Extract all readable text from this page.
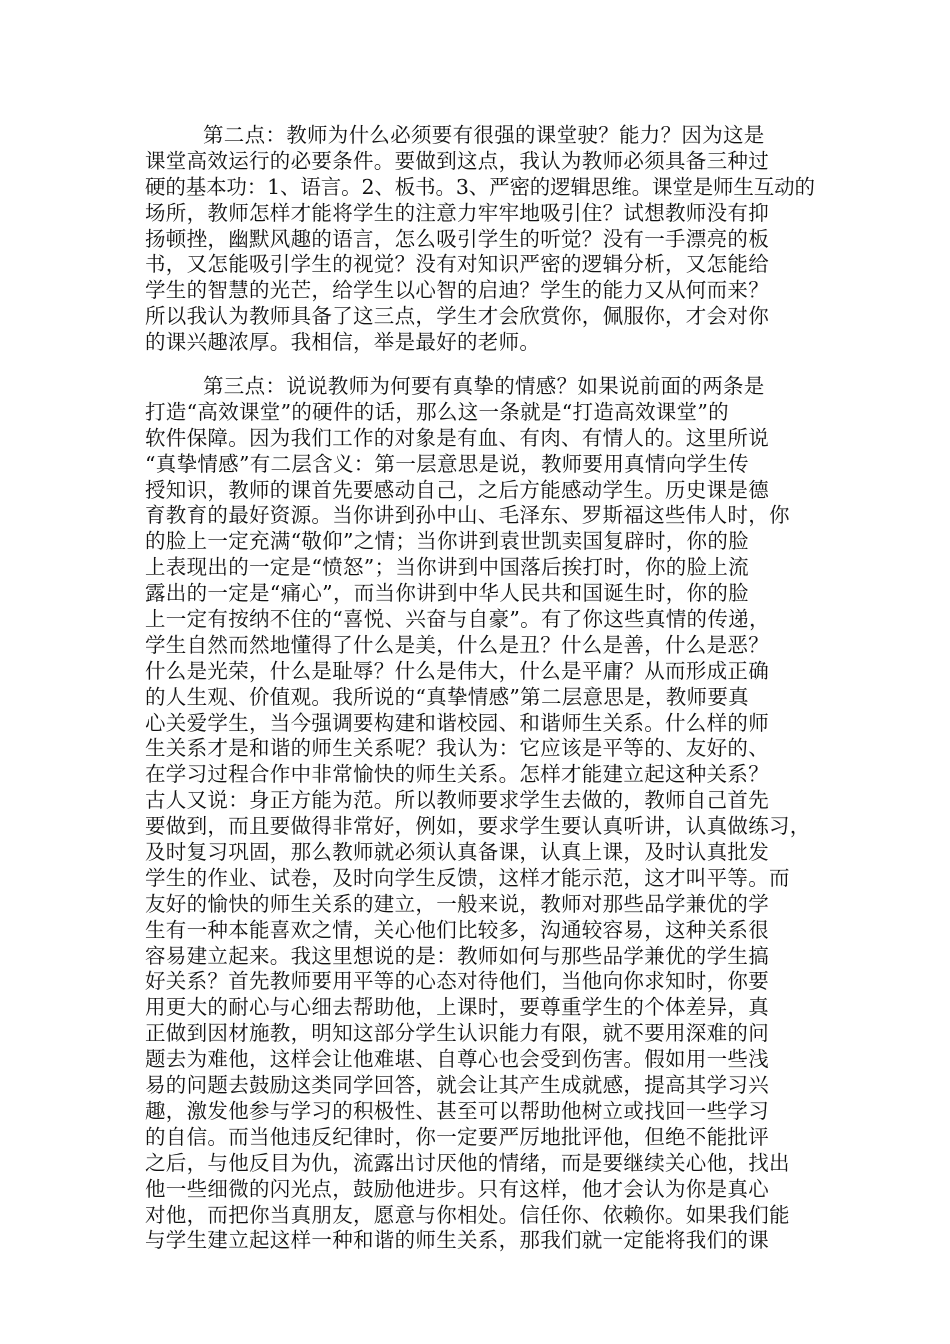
第二点：教师为什么必须要有很强的课堂驶？能力？因为这是
课堂高效运行的必要条件。要做到这点，我认为教师必须具备三种过
硬的基本功：1、语言。2、板书。3、严密的逻辑思维。课堂是师生互动的
场所，教师怎样才能将学生的注意力牢牢地吸引住？试想教师没有抑
扬顿挫，幽默风趣的语言，怎么吸引学生的听觉？没有一手漂亮的板
书，又怎能吸引学生的视觉？没有对知识严密的逻辑分析，又怎能给
学生的智慧的光芒，给学生以心智的启迪？学生的能力又从何而来？
所以我认为教师具备了这三点，学生才会欣赏你，佩服你，才会对你
的课兴趣浓厚。我相信，举是最好的老师。
第三点：说说教师为何要有真挚的情感？如果说前面的两条是
打造“高效课堂”的硬件的话，那么这一条就是“打造高效课堂”的
软件保障。因为我们工作的对象是有血、有肉、有情人的。这里所说
“真挚情感”有二层含义：第一层意思是说，教师要用真情向学生传
授知识，教师的课首先要感动自己，之后方能感动学生。历史课是德
育教育的最好资源。当你讲到孙中山、毛泽东、罗斯福这些伟人时，你
的脸上一定充满“敬仰”之情；当你讲到袁世凯卖国复辟时，你的脸
上表现出的一定是“愤怒”；当你讲到中国落后挨打时，你的脸上流
露出的一定是“痛心”，而当你讲到中华人民共和国诞生时，你的脸
上一定有按纳不住的“喜悦、兴奋与自豪”。有了你这些真情的传递，
学生自然而然地懂得了什么是美，什么是丑？什么是善，什么是恶？
什么是光荣，什么是耻辱？什么是伟大，什么是平庸？从而形成正确
的人生观、价值观。我所说的“真挚情感”第二层意思是，教师要真
心关爱学生，当今强调要构建和谐校园、和谐师生关系。什么样的师
生关系才是和谐的师生关系呢？我认为：它应该是平等的、友好的、
在学习过程合作中非常愉快的师生关系。怎样才能建立起这种关系？
古人又说：身正方能为范。所以教师要求学生去做的，教师自己首先
要做到，而且要做得非常好，例如，要求学生要认真听讲，认真做练习，
及时复习巩固，那么教师就必须认真备课，认真上课，及时认真批发
学生的作业、试卷，及时向学生反馈，这样才能示范，这才叫平等。而
友好的愉快的师生关系的建立，一般来说，教师对那些品学兼优的学
生有一种本能喜欢之情，关心他们比较多，沟通较容易，这种关系很
容易建立起来。我这里想说的是：教师如何与那些品学兼优的学生搞
好关系？首先教师要用平等的心态对待他们，当他向你求知时，你要
用更大的耐心与心细去帮助他，上课时，要尊重学生的个体差异，真
正做到因材施教，明知这部分学生认识能力有限，就不要用深难的问
题去为难他，这样会让他难堪、自尊心也会受到伤害。假如用一些浅
易的问题去鼓励这类同学回答，就会让其产生成就感，提高其学习兴
趣，激发他参与学习的积极性、甚至可以帮助他树立或找回一些学习
的自信。而当他违反纪律时，你一定要严厉地批评他，但绝不能批评
之后，与他反目为仇，流露出讨厌他的情绪，而是要继续关心他，找出
他一些细微的闪光点，鼓励他进步。只有这样，他才会认为你是真心
对他，而把你当真朋友，愿意与你相处。信任你、依赖你。如果我们能
与学生建立起这样一种和谐的师生关系，那我们就一定能将我们的课
